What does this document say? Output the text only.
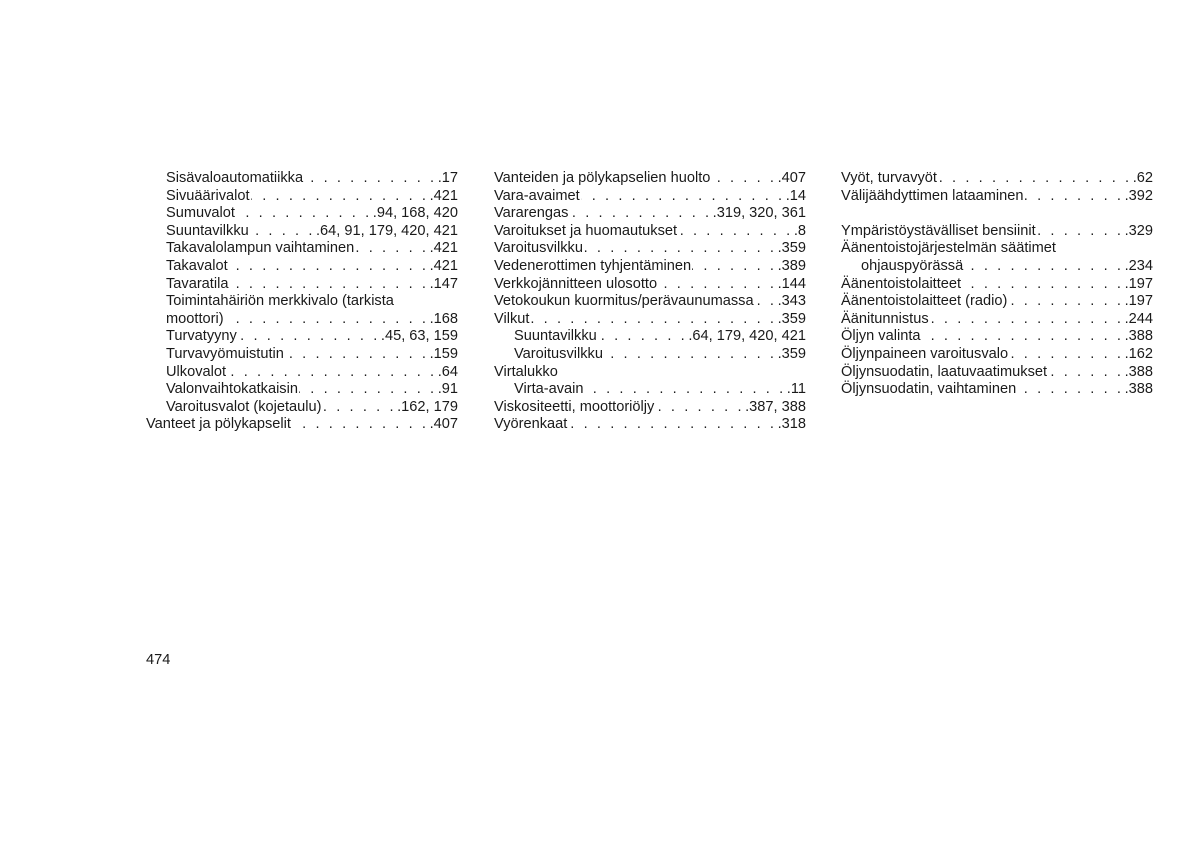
Sisävaloautomatiikka . . .	.17
Sivuäärivalot . . .	.421
Sumuvalot . . .	.94, 168, 420
Suuntavilkku . . .	.64, 91, 179, 420, 421
Takavalolampun vaihtaminen . . .	.421
Takavalot . . .	.421
Tavaratila . . .	.147
Toimintahäiriön merkkivalo (tarkista
moottori) . . .	.168
Turvatyyny . . .	.45, 63, 159
Turvavyömuistutin . . .	.159
Ulkovalot . . .	.64
Valonvaihtokatkaisin . . .	.91
Varoitusvalot (kojetaulu) . . .	.162, 179
Vanteet ja pölykapselit . . .	.407
Vanteiden ja pölykapselien huolto . . .	.407
Vara-avaimet . . .	.14
Vararengas . . .	.319, 320, 361
Varoitukset ja huomautukset . . .	.8
Varoitusvilkku . . .	.359
Vedenerottimen tyhjentäminen . . .	.389
Verkkojännitteen ulosotto . . .	.144
Vetokoukun kuormitus/perävaunumassa . . . .343
Vilkut . . .	.359
Suuntavilkku . . .	.64, 179, 420, 421
Varoitusvilkku . . .	.359
Virtalukko
Virta-avain . . .	.11
Viskositeetti, moottoriöljy . . .	.387, 388
Vyörenkaat . . .	.318
Vyöt, turvavyöt . . .	.62
Välijäähdyttimen lataaminen . . .	.392
Ympäristöystävälliset bensiinit . . .	.329
Äänentoistojärjestelmän säätimet
ohjauspyörässä . . .	.234
Äänentoistolaitteet . . .	.197
Äänentoistolaitteet (radio) . . .	.197
Äänitunnistus . . .	.244
Öljyn valinta . . .	.388
Öljynpaineen varoitusvalo . . .	.162
Öljynsuodatin, laatuvaatimukset . . .	.388
Öljynsuodatin, vaihtaminen . . .	.388
474
